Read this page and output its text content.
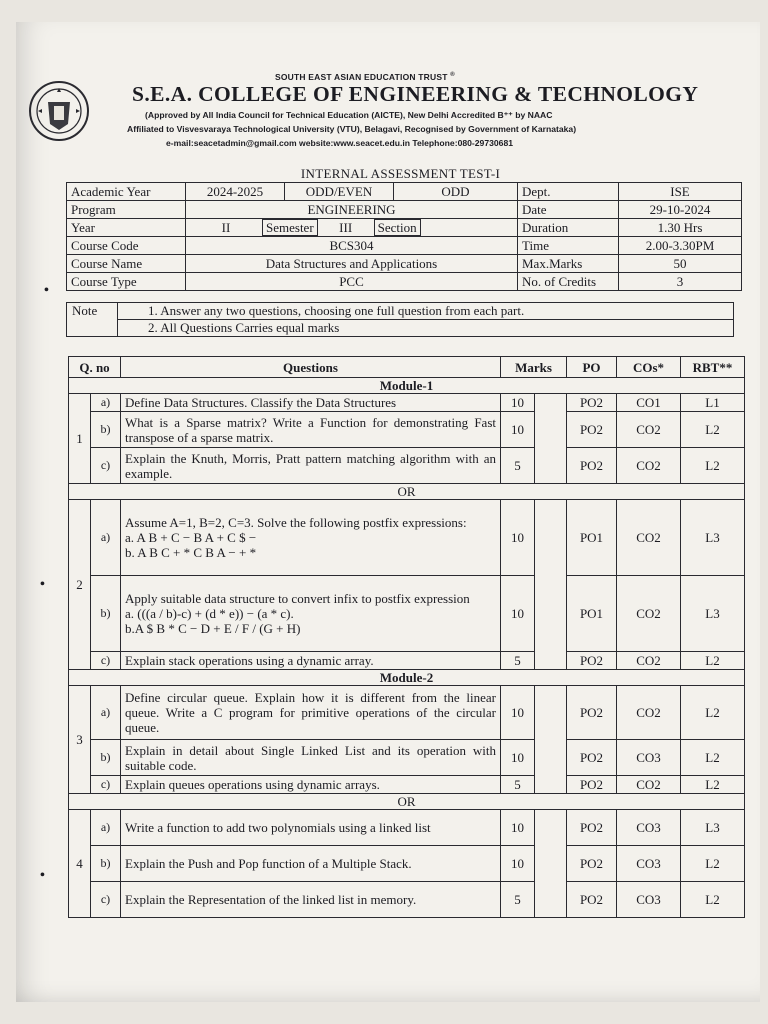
SOUTH EAST ASIAN EDUCATION TRUST ®
S.E.A. COLLEGE OF ENGINEERING & TECHNOLOGY
(Approved by All India Council for Technical Education (AICTE), New Delhi Accredited B⁺⁺ by NAAC
Affiliated to Visvesvaraya Technological University (VTU), Belagavi, Recognised by Government of Karnataka)
e-mail:seacetadmin@gmail.com website:www.seacet.edu.in Telephone:080-29730681
INTERNAL ASSESSMENT TEST-I					
Academic Year	2024-2025	ODD/EVEN	ODD	Dept.	ISE
Program	ENGINEERING			Date	29-10-2024
Year	II Semester III Section			Duration	1.30 Hrs
Course Code	BCS304			Time	2.00-3.30PM
Course Name	Data Structures and Applications			Max.Marks	50
Course Type	PCC			No. of Credits	3
Note	1. Answer any two questions, choosing one full question from each part.
2. All Questions Carries equal marks
Q. no		Questions	Marks		PO	COs*	RBT**
Module-1							
1	a)	Define Data Structures. Classify the Data Structures	10		PO2	CO1	L1
	b)	What is a Sparse matrix? Write a Function for demonstrating Fast transpose of a sparse matrix.	10		PO2	CO2	L2
	c)	Explain the Knuth, Morris, Pratt pattern matching algorithm with an example.	5		PO2	CO2	L2
OR							
2	a)	Assume A=1, B=2, C=3. Solve the following postfix expressions:
a. A B + C − B A + C $ −
b. A B C + * C B A − + *	10		PO1	CO2	L3
	b)	Apply suitable data structure to convert infix to postfix expression
a. (((a / b)-c) + (d * e)) − (a * c).
b.A $ B * C − D + E / F / (G + H)	10		PO1	CO2	L3
	c)	Explain stack operations using a dynamic array.	5		PO2	CO2	L2
Module-2							
3	a)	Define circular queue. Explain how it is different from the linear queue. Write a C program for primitive operations of the circular queue.	10		PO2	CO2	L2
	b)	Explain in detail about Single Linked List and its operation with suitable code.	10		PO2	CO3	L2
	c)	Explain queues operations using dynamic arrays.	5		PO2	CO2	L2
OR							
4	a)	Write a function to add two polynomials using a linked list	10		PO2	CO3	L3
	b)	Explain the Push and Pop function of a Multiple Stack.	10		PO2	CO3	L2
	c)	Explain the Representation of the linked list in memory.	5		PO2	CO3	L2
•
•
•
